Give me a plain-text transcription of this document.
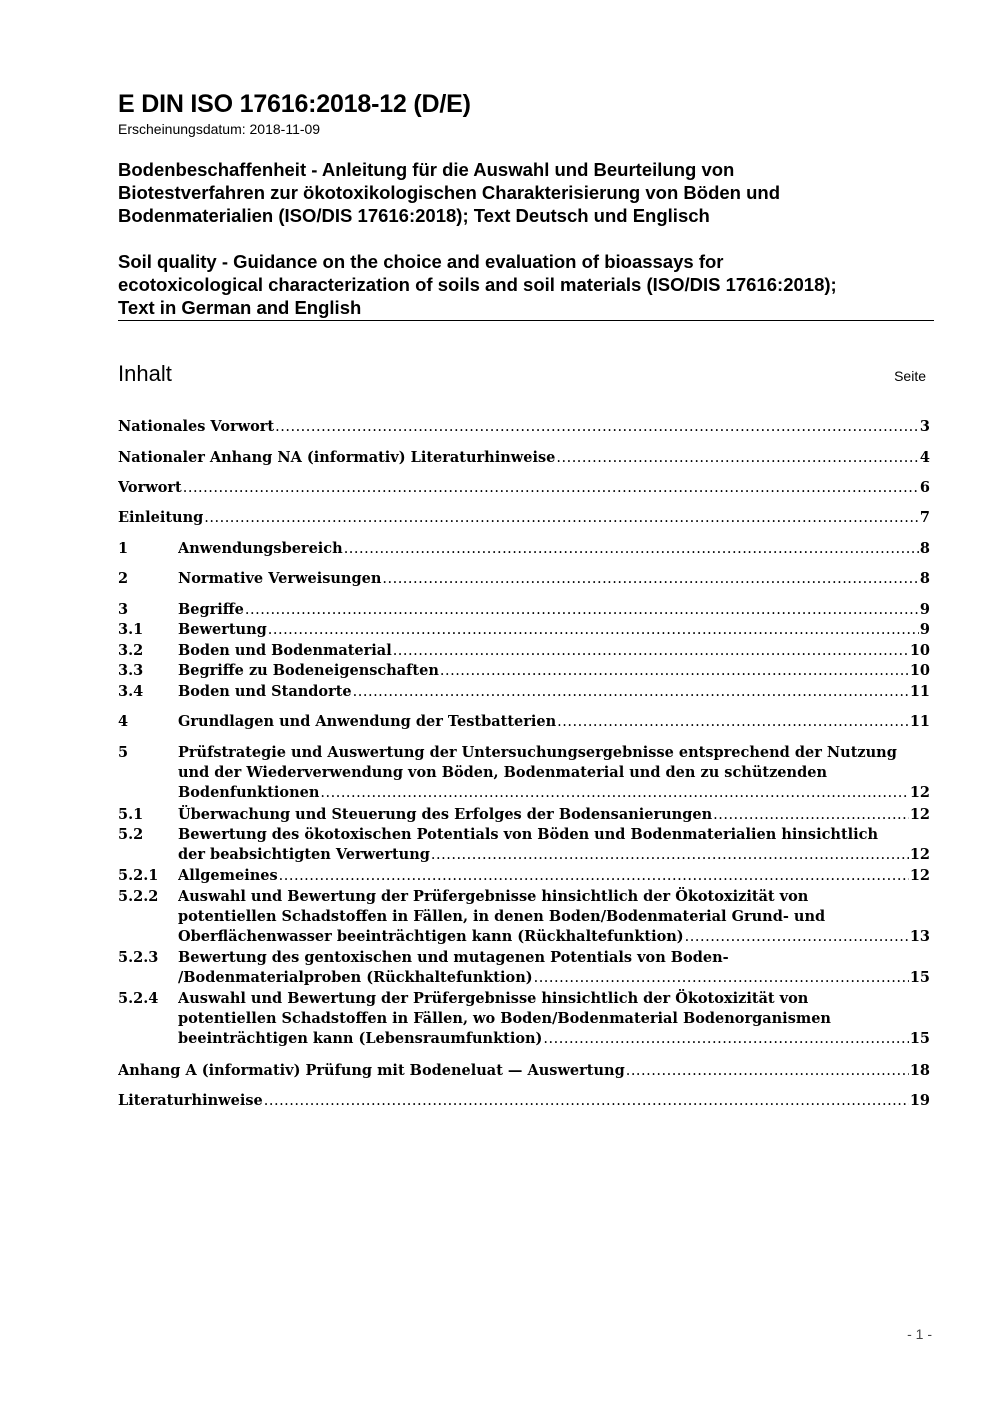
E DIN ISO 17616:2018-12 (D/E)
Erscheinungsdatum: 2018-11-09
Bodenbeschaffenheit - Anleitung für die Auswahl und Beurteilung von
Biotestverfahren zur ökotoxikologischen Charakterisierung von Böden und
Bodenmaterialien (ISO/DIS 17616:2018); Text Deutsch und Englisch
Soil quality - Guidance on the choice and evaluation of bioassays for
ecotoxicological characterization of soils and soil materials (ISO/DIS 17616:2018);
Text in German and English
Inhalt	Seite
Nationales Vorwort .....	3
Nationaler Anhang NA (informativ) Literaturhinweise .....	4
Vorwort .....	6
Einleitung .....	7
1	Anwendungsbereich .....	8
2	Normative Verweisungen .....	8
3	Begriffe .....	9
3.1 Bewertung .....	9
3.2 Boden und Bodenmaterial .....	10
3.3 Begriffe zu Bodeneigenschaften .....	10
3.4 Boden und Standorte .....	11
4	Grundlagen und Anwendung der Testbatterien .....	11
5	Prüfstrategie und Auswertung der Untersuchungsergebnisse entsprechend der Nutzung
und der Wiederverwendung von Böden, Bodenmaterial und den zu schützenden
Bodenfunktionen .....	12
5.1 Überwachung und Steuerung des Erfolges der Bodensanierungen .....	12
5.2 Bewertung des ökotoxischen Potentials von Böden und Bodenmaterialien hinsichtlich
der beabsichtigten Verwertung .....	12
5.2.1 Allgemeines .....	12
5.2.2 Auswahl und Bewertung der Prüfergebnisse hinsichtlich der Ökotoxizität von
potentiellen Schadstoffen in Fällen, in denen Boden/Bodenmaterial Grund- und
Oberflächenwasser beeinträchtigen kann (Rückhaltefunktion) .....	13
5.2.3 Bewertung des gentoxischen und mutagenen Potentials von Boden-
/Bodenmaterialproben (Rückhaltefunktion) .....	15
5.2.4 Auswahl und Bewertung der Prüfergebnisse hinsichtlich der Ökotoxizität von
potentiellen Schadstoffen in Fällen, wo Boden/Bodenmaterial Bodenorganismen
beeinträchtigen kann (Lebensraumfunktion) .....	15
Anhang A (informativ) Prüfung mit Bodeneluat — Auswertung .....	18
Literaturhinweise .....	19
- 1 -
